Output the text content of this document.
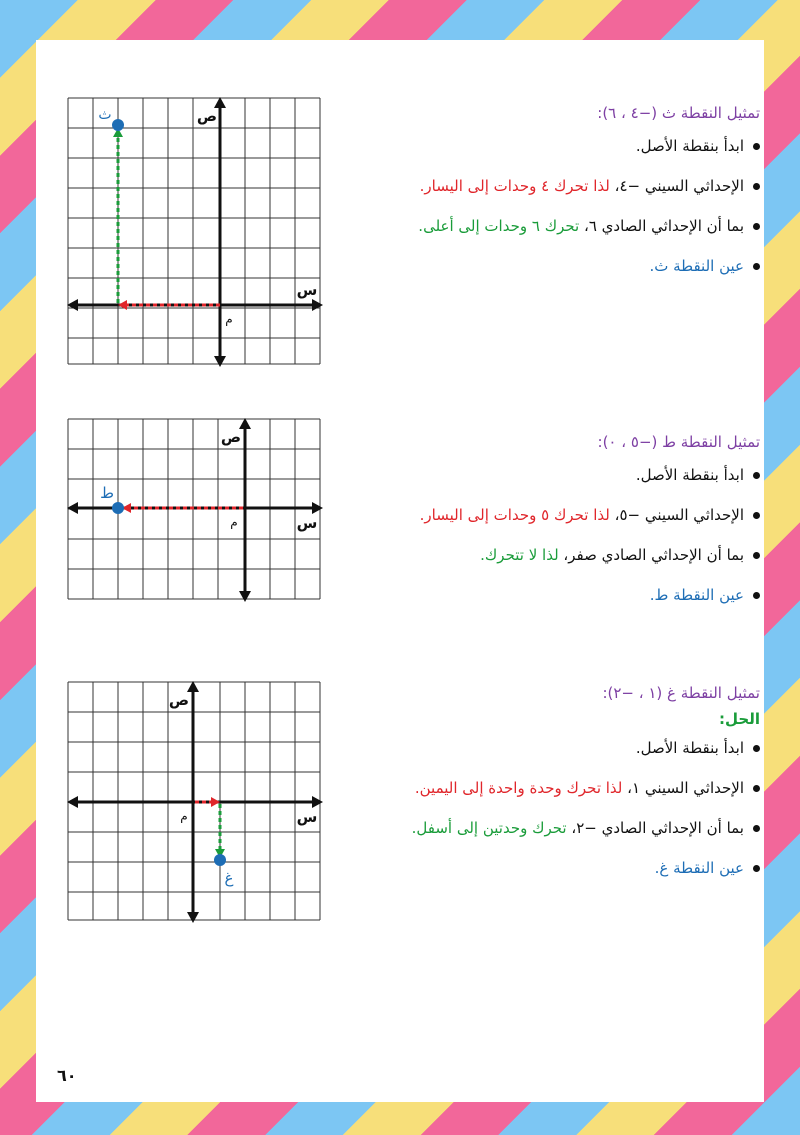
ث	ص
س
م
تمثيل النقطة ث (−٤ ، ٦):
ابدأ بنقطة الأصل.
الإحداثي السيني −٤، لذا تحرك ٤ وحدات إلى اليسار.
بما أن الإحداثي الصادي ٦، تحرك ٦ وحدات إلى أعلى.
عين النقطة ث.
ط
ص
س
م
تمثيل النقطة ط (−٥ ، ٠):
ابدأ بنقطة الأصل.
الإحداثي السيني −٥، لذا تحرك ٥ وحدات إلى اليسار.
بما أن الإحداثي الصادي صفر، لذا لا تتحرك.
عين النقطة ط.
غ
ص
س
م
تمثيل النقطة غ (١ ، −٢):
الحل:
ابدأ بنقطة الأصل.
الإحداثي السيني ١، لذا تحرك وحدة واحدة إلى اليمين.
بما أن الإحداثي الصادي −٢، تحرك وحدتين إلى أسفل.
عين النقطة غ.
٦٠
